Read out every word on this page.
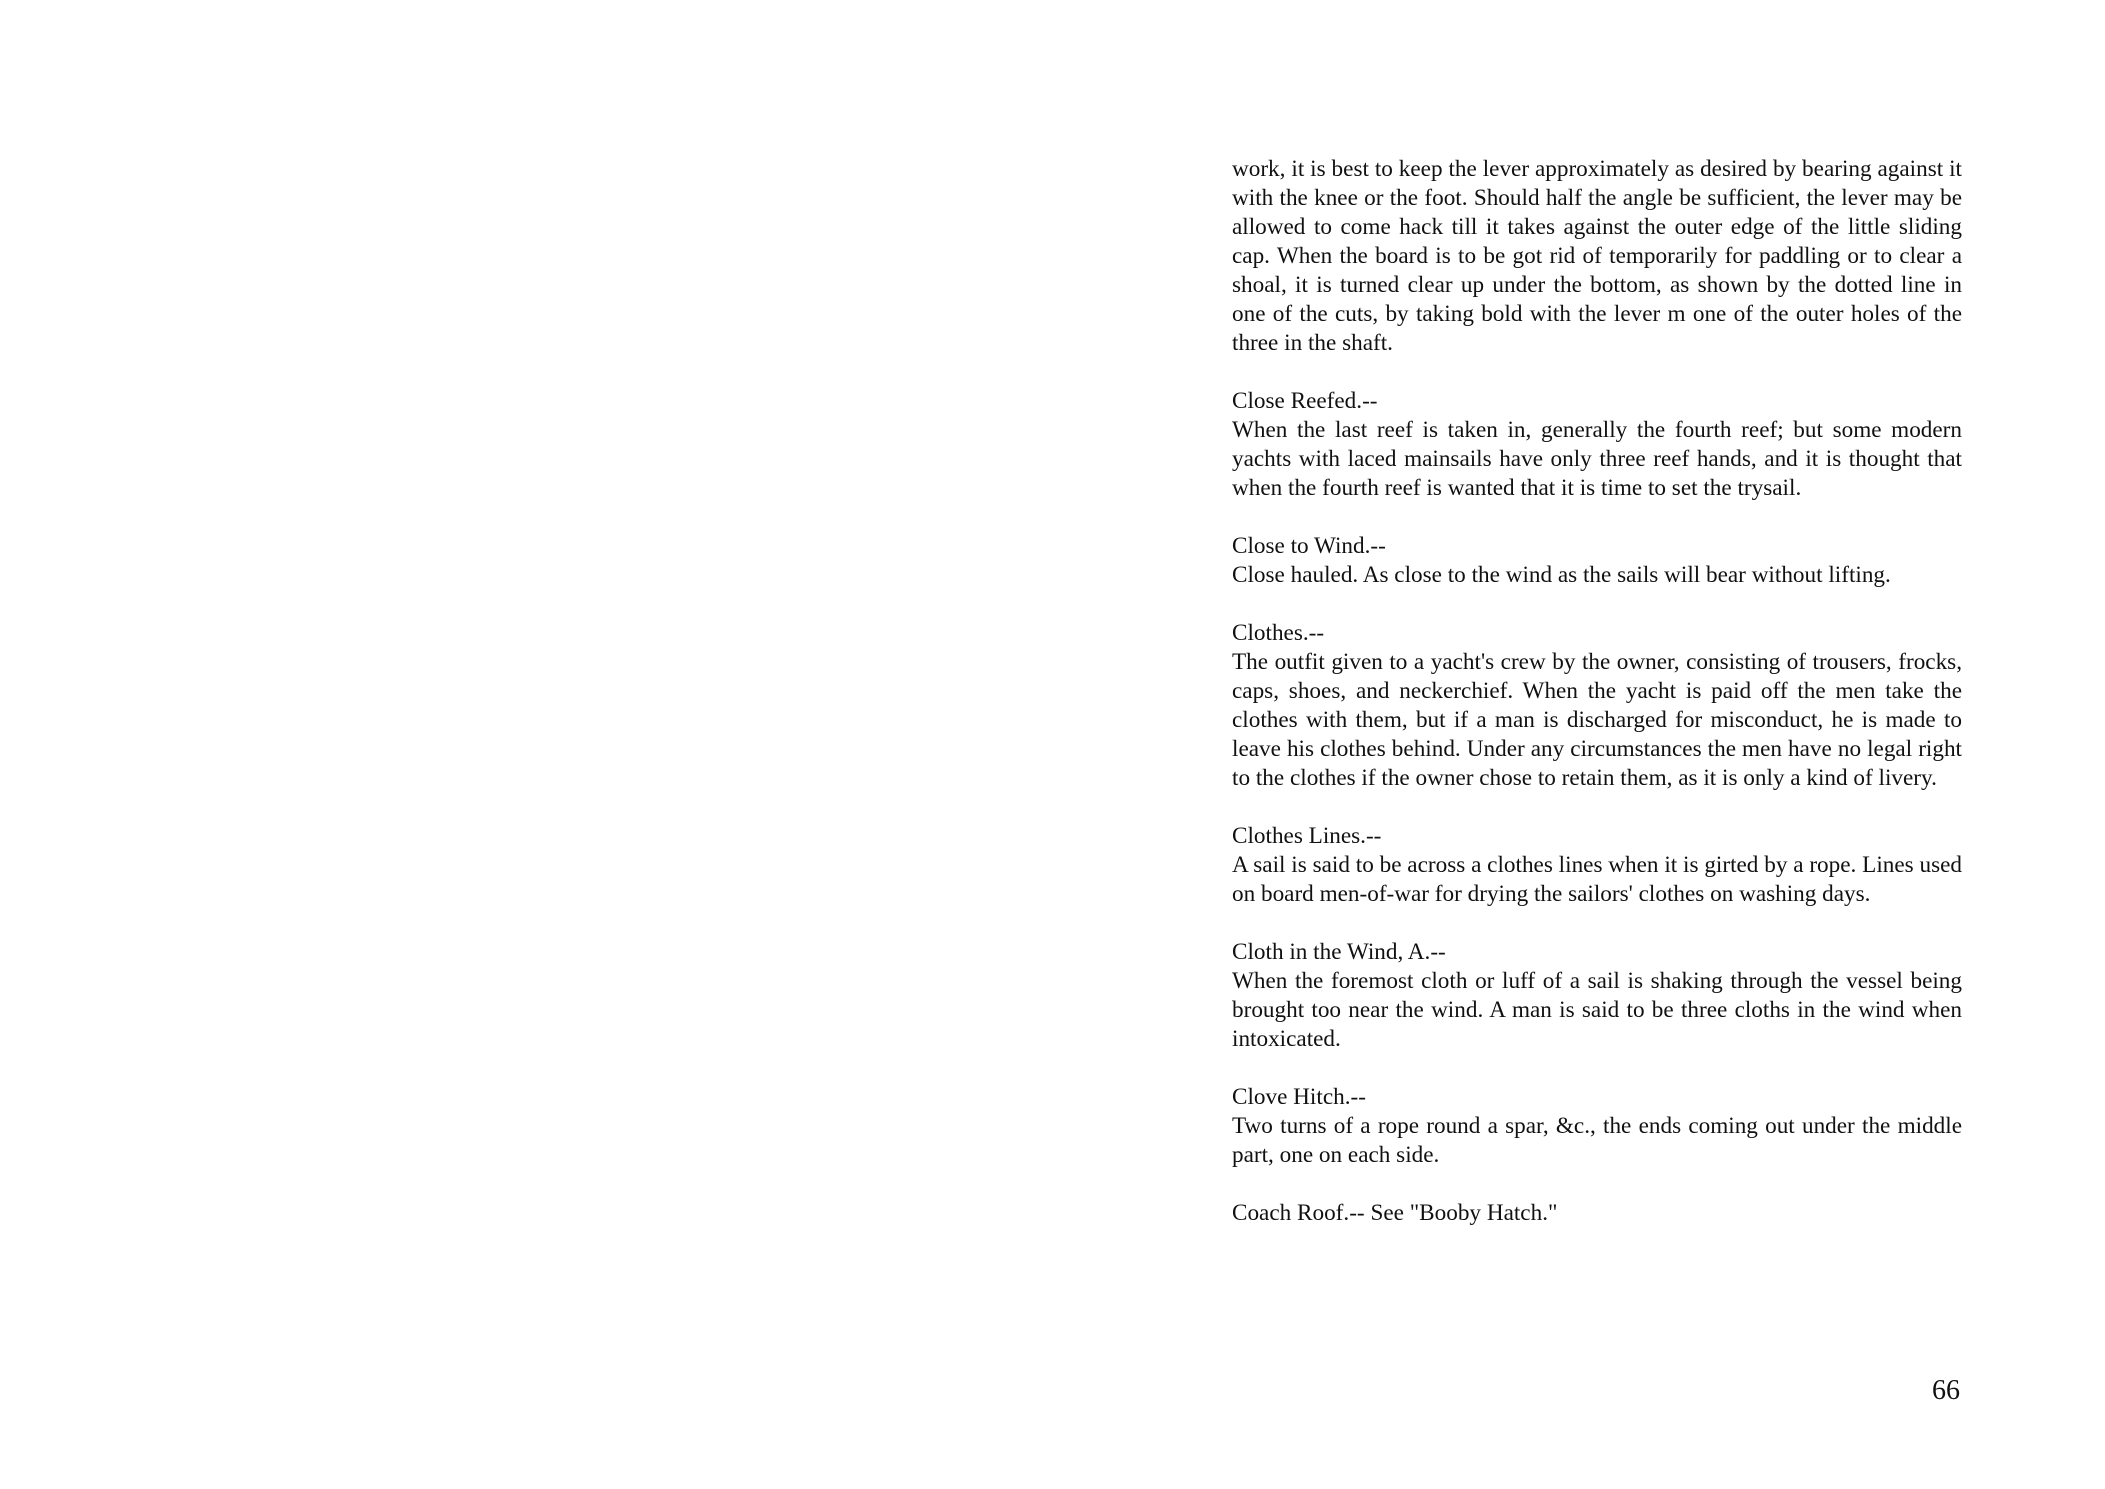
work, it is best to keep the lever approximately as desired by bearing against it with the knee or the foot. Should half the angle be sufficient, the lever may be allowed to come hack till it takes against the outer edge of the little sliding cap. When the board is to be got rid of temporarily for paddling or to clear a shoal, it is turned clear up under the bottom, as shown by the dotted line in one of the cuts, by taking bold with the lever m one of the outer holes of the three in the shaft.

Close Reefed.--
When the last reef is taken in, generally the fourth reef; but some modern yachts with laced mainsails have only three reef hands, and it is thought that when the fourth reef is wanted that it is time to set the trysail.
Close to Wind.--
Close hauled. As close to the wind as the sails will bear without lifting.
Clothes.--
The outfit given to a yacht's crew by the owner, consisting of trousers, frocks, caps, shoes, and neckerchief. When the yacht is paid off the men take the clothes with them, but if a man is discharged for misconduct, he is made to leave his clothes behind. Under any circumstances the men have no legal right to the clothes if the owner chose to retain them, as it is only a kind of livery.
Clothes Lines.--
A sail is said to be across a clothes lines when it is girted by a rope. Lines used on board men-of-war for drying the sailors' clothes on washing days.
Cloth in the Wind, A.--
When the foremost cloth or luff of a sail is shaking through the vessel being brought too near the wind. A man is said to be three cloths in the wind when intoxicated.
Clove Hitch.--
Two turns of a rope round a spar, &c., the ends coming out under the middle part, one on each side.
Coach Roof.-- See "Booby Hatch."
66
